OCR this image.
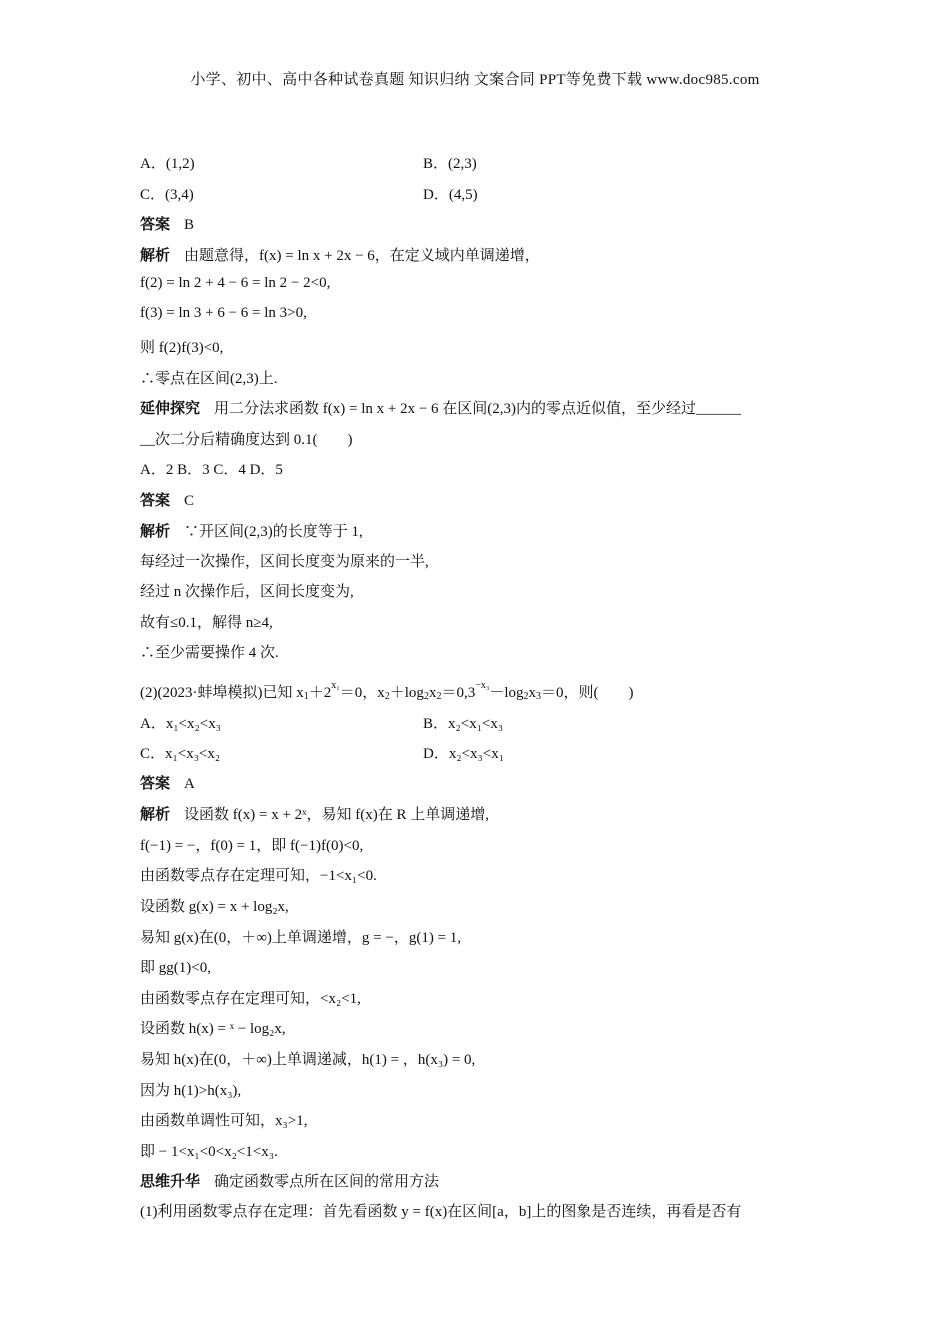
小学、初中、高中各种试卷真题 知识归纳 文案合同 PPT等免费下载 www.doc985.com
A．(1,2)	B．(2,3)
C．(3,4)	D．(4,5)
答案 B
解析 由题意得，f(x) = ln x + 2x − 6，在定义域内单调递增，
f(2) = ln 2 + 4 − 6 = ln 2 − 2<0,
f(3) = ln 3 + 6 − 6 = ln 3>0,
则 f(2)f(3)<0,
∴零点在区间(2,3)上.
延伸探究 用二分法求函数 f(x) = ln x + 2x − 6 在区间(2,3)内的零点近似值，至少经过______
__次二分后精确度达到 0.1(　　)
A．2 B．3 C．4 D．5
答案 C
解析 ∵开区间(2,3)的长度等于 1,
每经过一次操作，区间长度变为原来的一半,
经过 n 次操作后，区间长度变为,
故有≤0.1，解得 n≥4,
∴至少需要操作 4 次.
(2)(2023·蚌埠模拟)已知 $x_1+2^{x_1}=0$，$x_2+\log_2x_2=0,3^{-x_3}-\log_2x_3=0$，则(　　)
A．x₁<x₂<x₃	B．x₂<x₁<x₃
C．x₁<x₃<x₂	D．x₂<x₃<x₁
答案 A
解析 设函数 f(x) = x + 2ˣ，易知 f(x)在 R 上单调递增,
f(−1) = −，f(0) = 1，即 f(−1)f(0)<0,
由函数零点存在定理可知，−1<x₁<0.
设函数 g(x) = x + log₂x,
易知 g(x)在(0，＋∞)上单调递增，g = −，g(1) = 1,
即 gg(1)<0,
由函数零点存在定理可知，<x₂<1,
设函数 h(x) = ˣ − log₂x,
易知 h(x)在(0，＋∞)上单调递减，h(1) = ，h(x₃) = 0,
因为 h(1)>h(x₃),
由函数单调性可知，x₃>1,
即 − 1<x₁<0<x₂<1<x₃.
思维升华 确定函数零点所在区间的常用方法
(1)利用函数零点存在定理：首先看函数 y = f(x)在区间[a，b]上的图象是否连续，再看是否有
